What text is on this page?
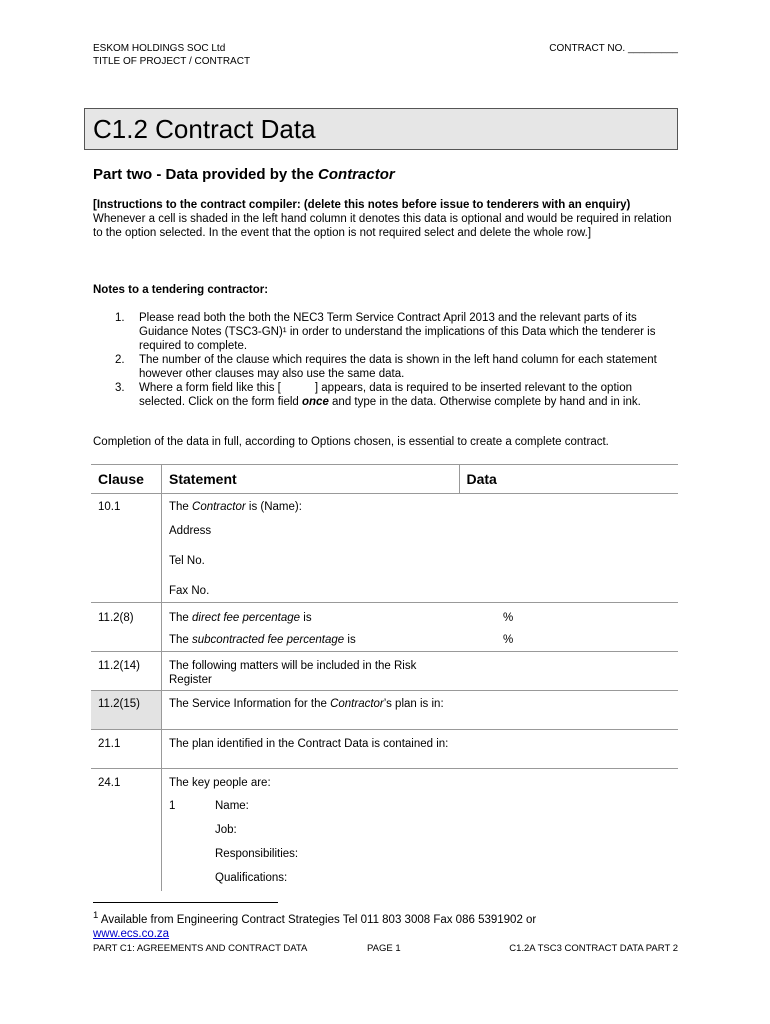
ESKOM HOLDINGS SOC Ltd
TITLE OF PROJECT / CONTRACT
CONTRACT NO. _________
C1.2 Contract Data
Part two - Data provided by the Contractor
[Instructions to the contract compiler: (delete this notes before issue to tenderers with an enquiry)
Whenever a cell is shaded in the left hand column it denotes this data is optional and would be required in relation to the option selected. In the event that the option is not required select and delete the whole row.]
Notes to a tendering contractor:
1.	Please read both the both the NEC3 Term Service Contract April 2013 and the relevant parts of its Guidance Notes (TSC3-GN)¹ in order to understand the implications of this Data which the tenderer is required to complete.
2.	The number of the clause which requires the data is shown in the left hand column for each statement however other clauses may also use the same data.
3.	Where a form field like this [	] appears, data is required to be inserted relevant to the option selected. Click on the form field once and type in the data. Otherwise complete by hand and in ink.
Completion of the data in full, according to Options chosen, is essential to create a complete contract.
Clause	Statement	Data
10.1	The Contractor is (Name):	
	Address	
	Tel No.	
	Fax No.	
11.2(8)	The direct fee percentage is	%
	The subcontracted fee percentage is	%
11.2(14)	The following matters will be included in the Risk Register	
11.2(15)	The Service Information for the Contractor’s plan is in:	
21.1	The plan identified in the Contract Data is contained in:	
24.1	The key people are:	
	1 Name:	
	Job:	
	Responsibilities:	
	Qualifications:	
$^1$ Available from Engineering Contract Strategies Tel 011 803 3008 Fax 086 5391902 or
www.ecs.co.za
PART C1: AGREEMENTS AND CONTRACT DATA	PAGE 1	C1.2A TSC3 CONTRACT DATA PART 2
